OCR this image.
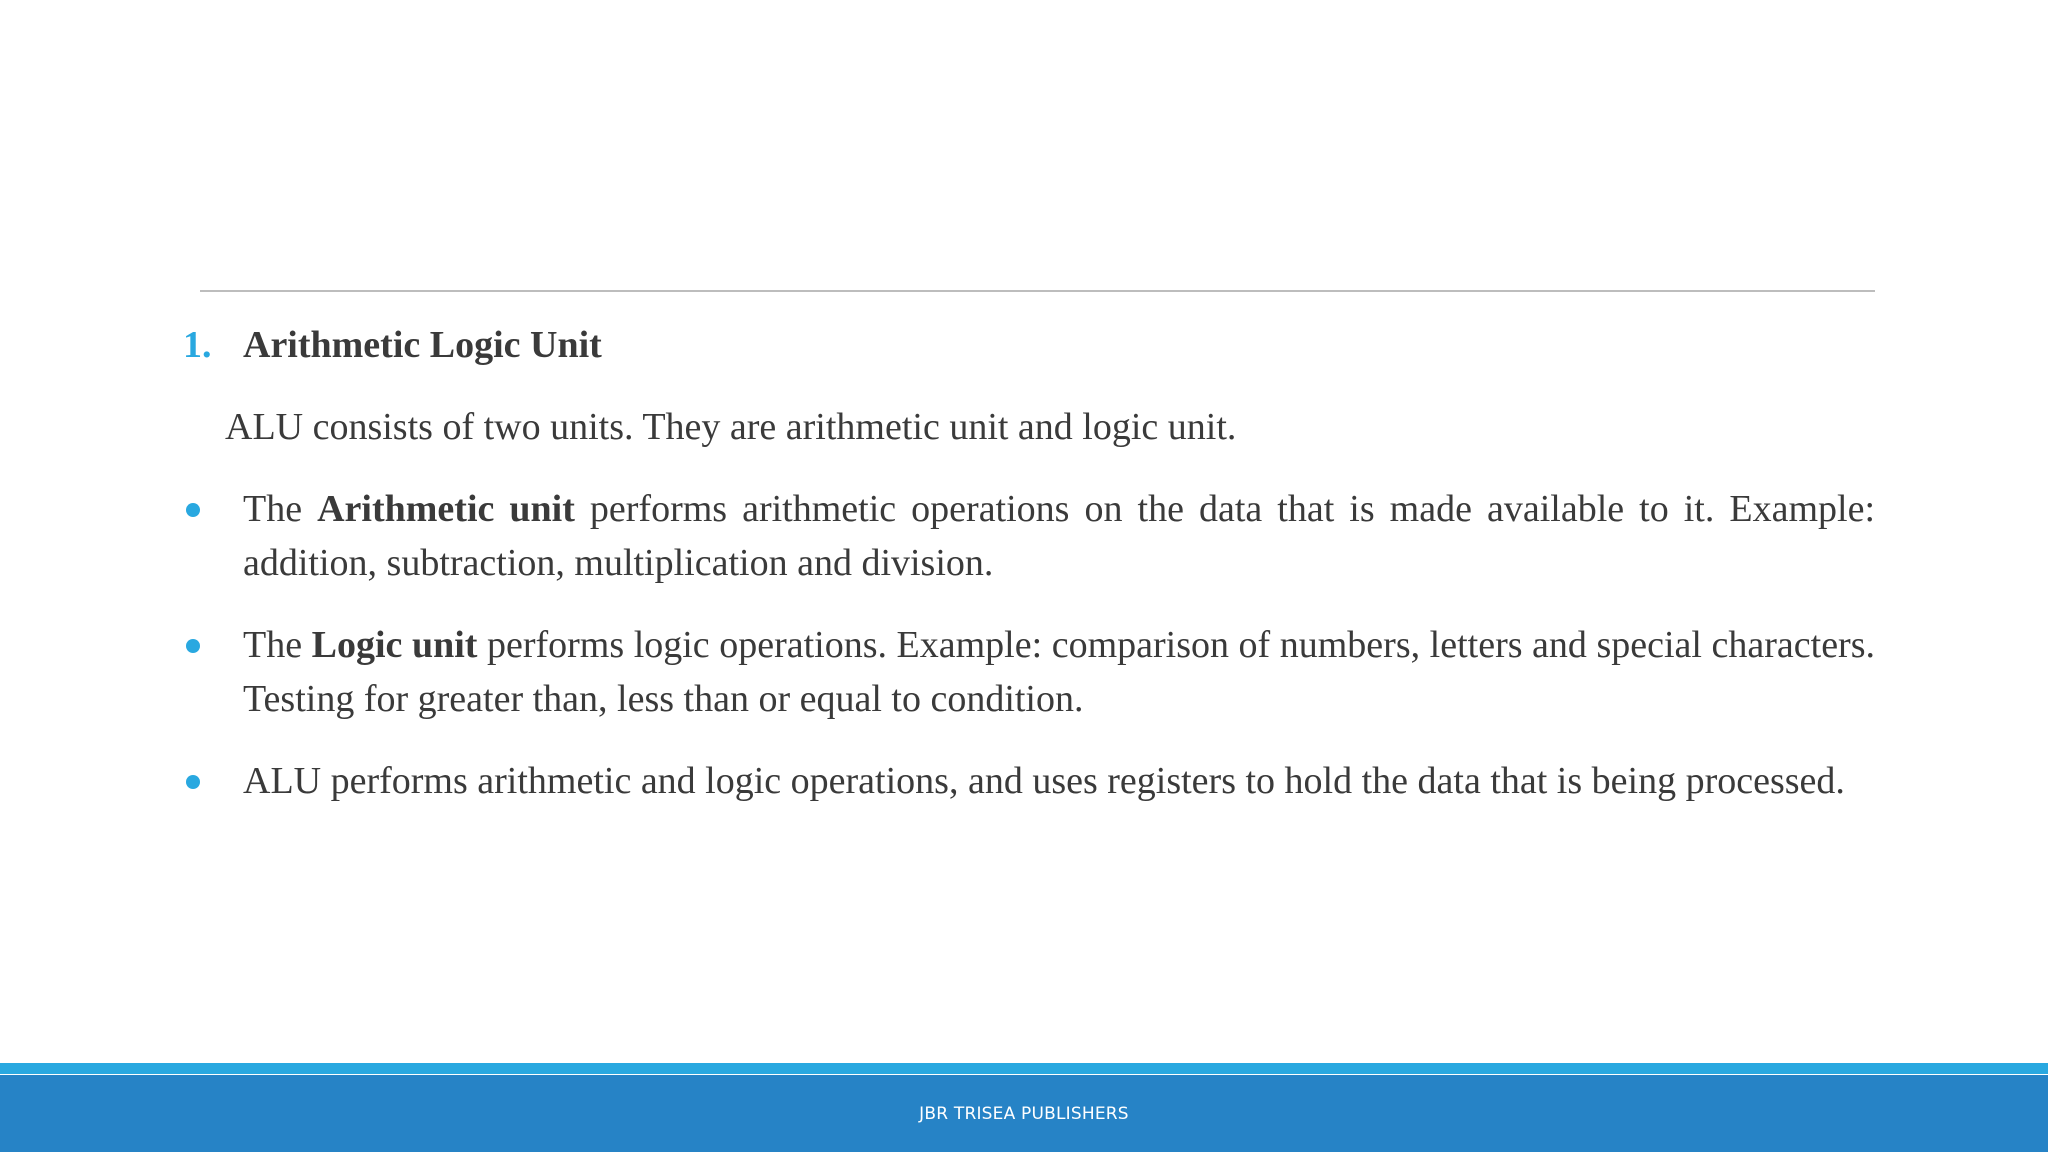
1. Arithmetic Logic Unit
ALU consists of two units. They are arithmetic unit and logic unit.
The Arithmetic unit performs arithmetic operations on the data that is made available to it. Example: addition, subtraction, multiplication and division.
The Logic unit performs logic operations. Example: comparison of numbers, letters and special characters. Testing for greater than, less than or equal to condition.
ALU performs arithmetic and logic operations, and uses registers to hold the data that is being processed.
JBR TRISEA PUBLISHERS
